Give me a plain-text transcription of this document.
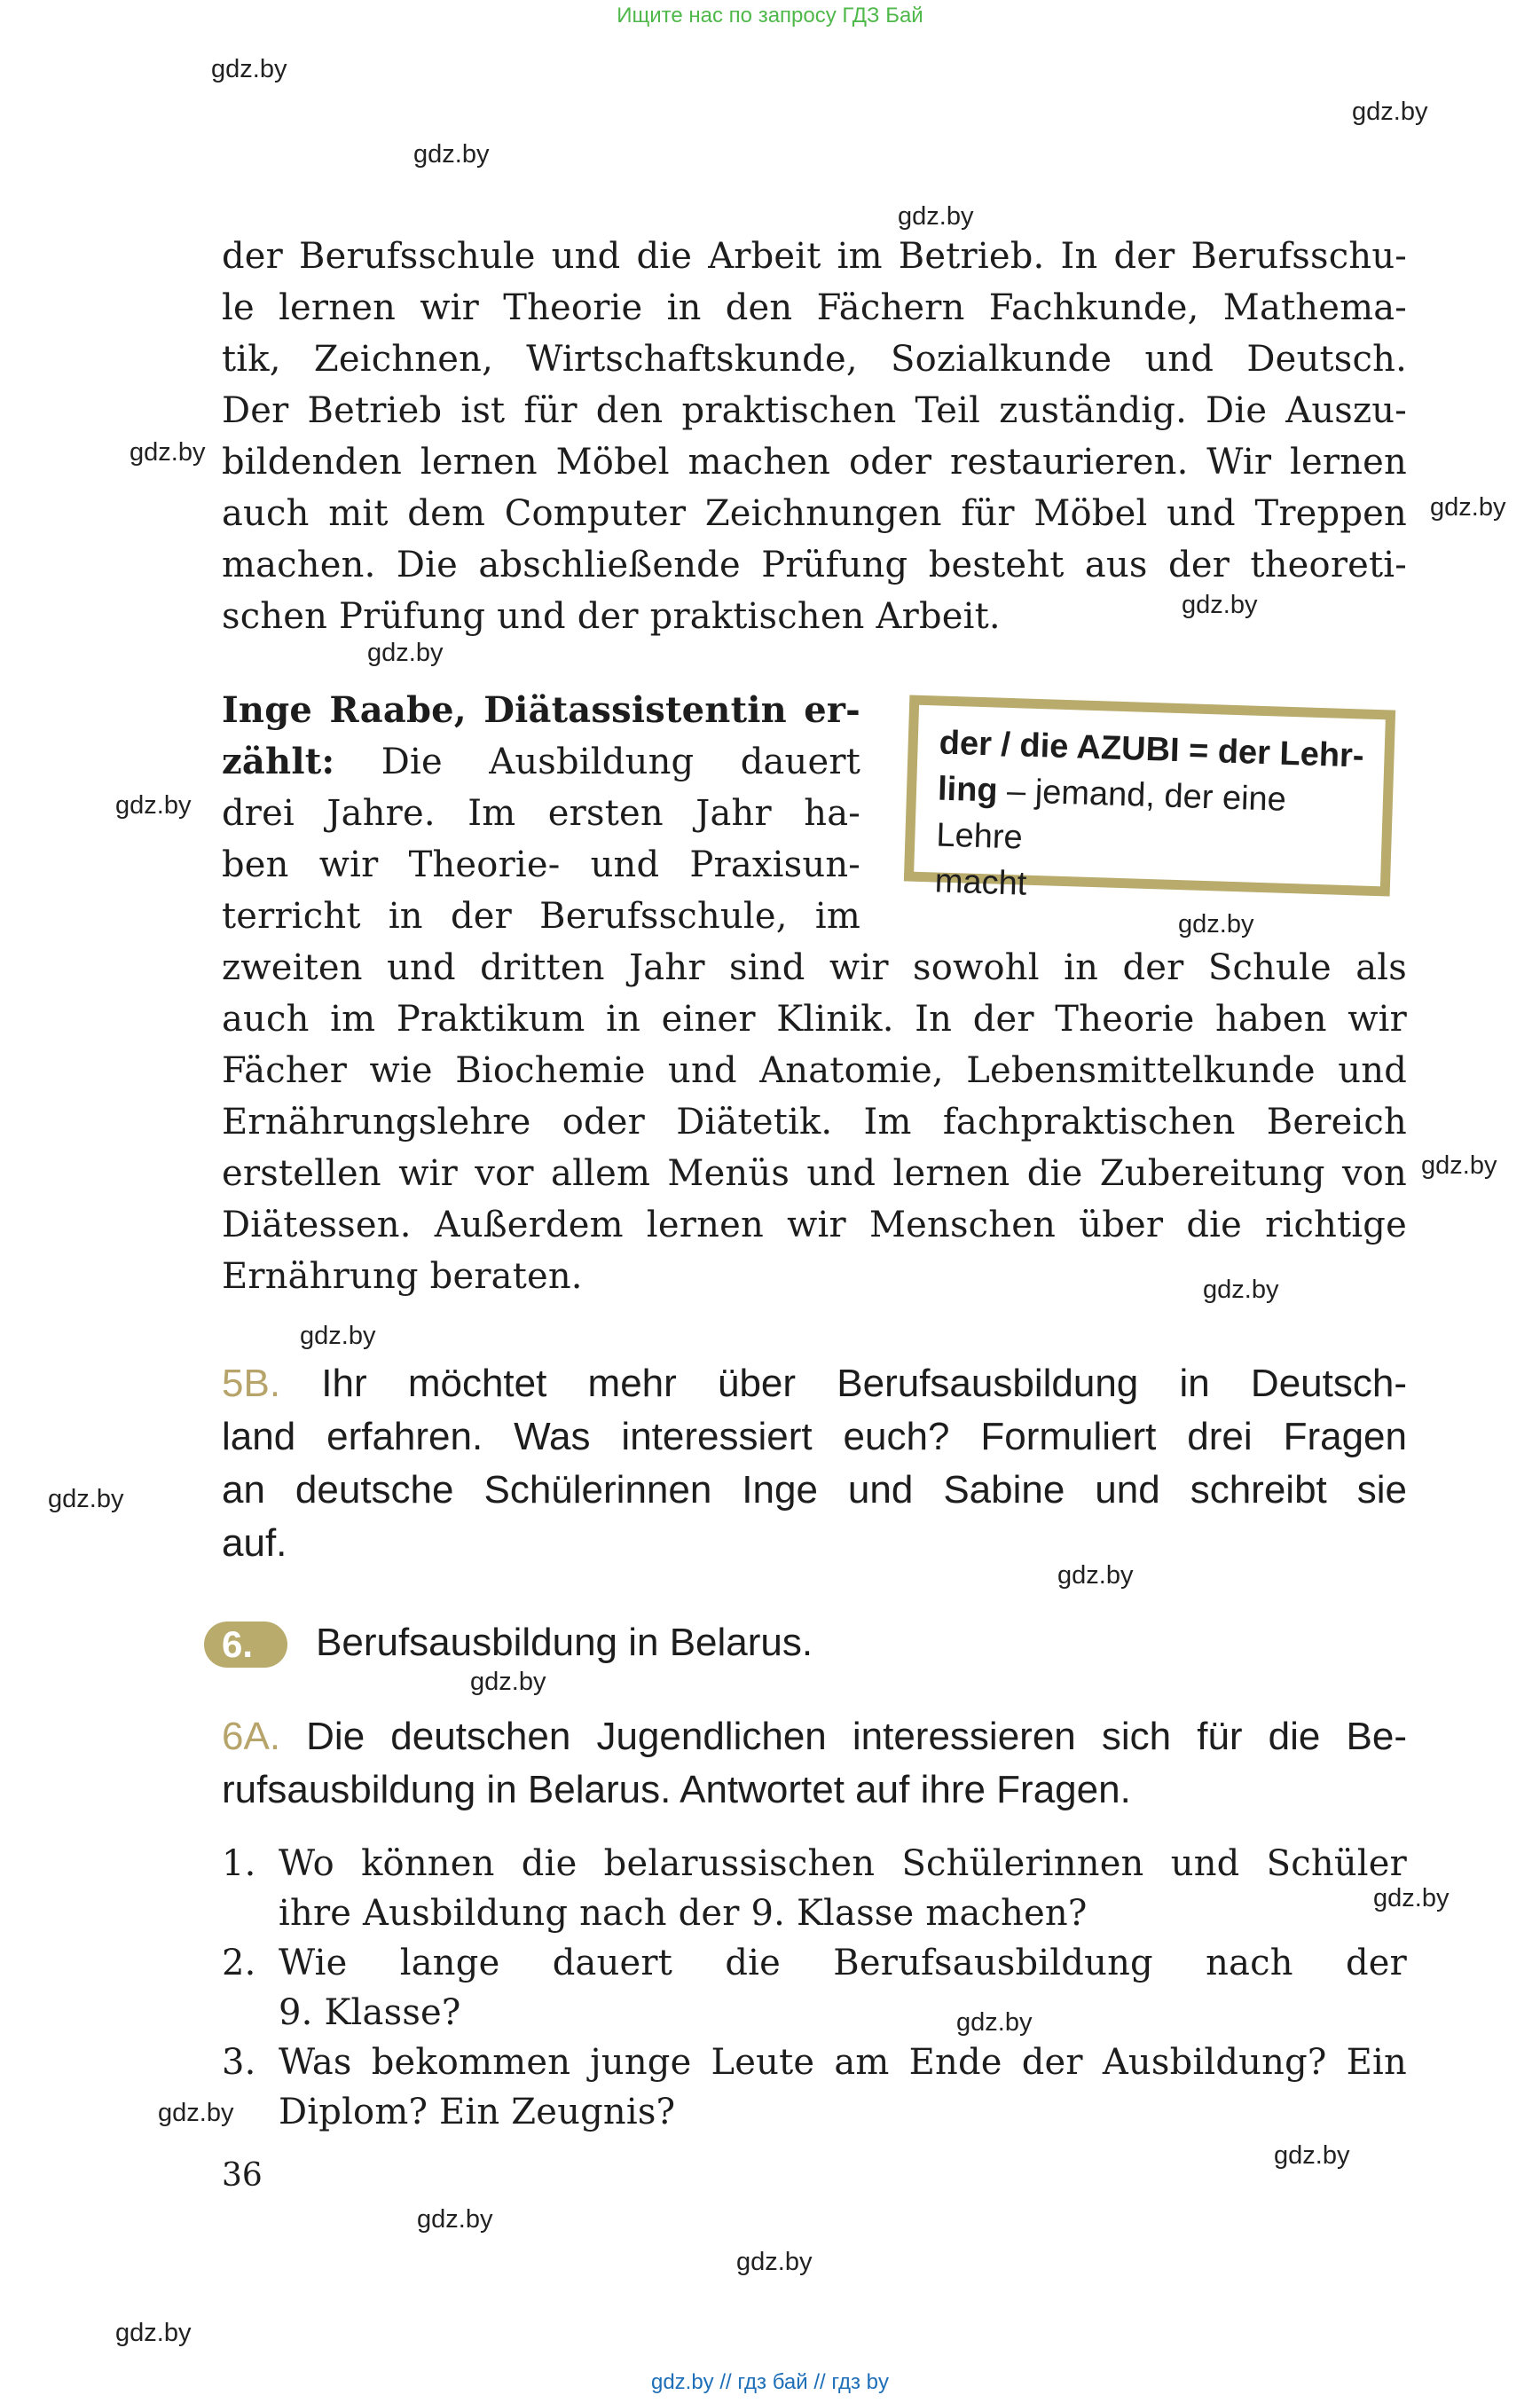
Ищите нас по запросу ГДЗ Бай
gdz.by // гдз бай // гдз by
gdz.by
gdz.by
gdz.by
gdz.by
gdz.by
gdz.by
gdz.by
gdz.by
gdz.by
gdz.by
gdz.by
gdz.by
gdz.by
gdz.by
gdz.by
gdz.by
gdz.by
gdz.by
gdz.by
gdz.by
gdz.by
gdz.by
gdz.by
der Berufsschule und die Arbeit im Betrieb. In der Berufsschu-
le lernen wir Theorie in den Fächern Fachkunde, Mathema-
tik, Zeichnen, Wirtschaftskunde, Sozialkunde und Deutsch.
Der Betrieb ist für den praktischen Teil zuständig. Die Auszu-
bildenden lernen Möbel machen oder restaurieren. Wir lernen
auch mit dem Computer Zeichnungen für Möbel und Treppen
machen. Die abschließende Prüfung besteht aus der theoreti-
schen Prüfung und der praktischen Arbeit.
Inge Raabe, Diätassistentin er-
zählt: Die Ausbildung dauert
drei Jahre. Im ersten Jahr ha-
ben wir Theorie- und Praxisun-
terricht in der Berufsschule, im
zweiten und dritten Jahr sind wir sowohl in der Schule als
auch im Praktikum in einer Klinik. In der Theorie haben wir
Fächer wie Biochemie und Anatomie, Lebensmittelkunde und
Ernährungslehre oder Diätetik. Im fachpraktischen Bereich
erstellen wir vor allem Menüs und lernen die Zubereitung von
Diätessen. Außerdem lernen wir Menschen über die richtige
Ernährung beraten.
der / die AZUBI = der Lehr-
ling – jemand, der eine Lehre
macht
5B. Ihr möchtet mehr über Berufsausbildung in Deutsch-
land erfahren. Was interessiert euch? Formuliert drei Fragen
an deutsche Schülerinnen Inge und Sabine und schreibt sie
auf.
6. Berufsausbildung in Belarus.
6A. Die deutschen Jugendlichen interessieren sich für die Be-
rufsausbildung in Belarus. Antwortet auf ihre Fragen.
1. Wo können die belarussischen Schülerinnen und Schüler
ihre Ausbildung nach der 9. Klasse machen?
2. Wie lange dauert die Berufsausbildung nach der
9. Klasse?
3. Was bekommen junge Leute am Ende der Ausbildung? Ein
Diplom? Ein Zeugnis?
36
